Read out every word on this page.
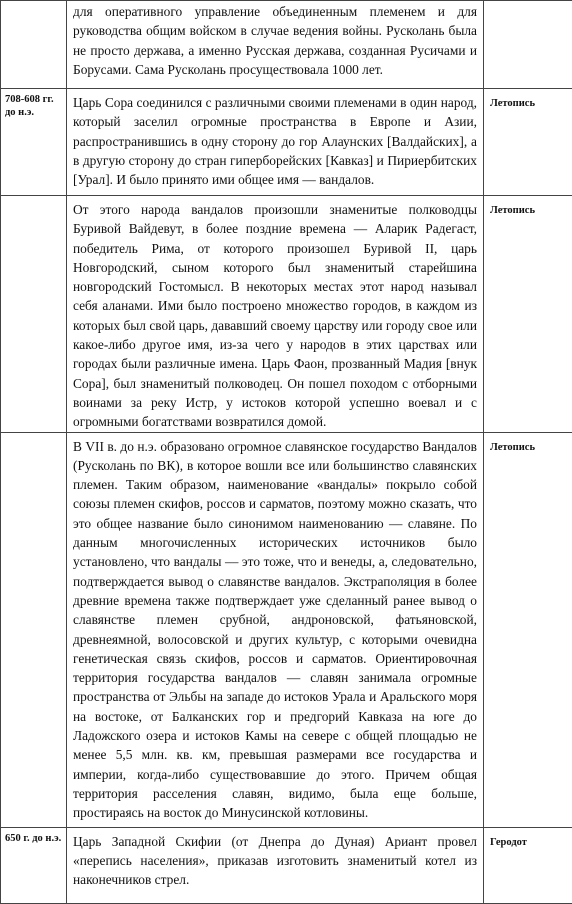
	для оперативного управление объединенным племенем и для руководства общим войском в случае ведения войны. Русколань была не просто держава, а именно Русская держава, созданная Русичами и Борусами. Сама Русколань просуществовала 1000 лет.	

708-608 гг. до н.э.	Царь Сора соединился с различными своими племенами в один народ, который заселил огромные пространства в Европе и Азии, распространившись в одну сторону до гор Алаунских [Валдайских], а в другую сторону до стран гиперборейских [Кавказ] и Пириербитских [Урал]. И было принято ими общее имя — вандалов.	Летопись

	От этого народа вандалов произошли знаменитые полководцы Буривой Вайдевут, в более поздние времена — Аларик Радегаст, победитель Рима, от которого произошел Буривой II, царь Новгородский, сыном которого был знаменитый старейшина новгородский Гостомысл. В некоторых местах этот народ называл себя аланами. Ими было построено множество городов, в каждом из которых был свой царь, дававший своему царству или городу свое или какое-либо другое имя, из-за чего у народов в этих царствах или городах были различные имена. Царь Фаон, прозванный Мадия [внук Сора], был знаменитый полководец. Он пошел походом с отборными воинами за реку Истр, у истоков которой успешно воевал и с огромными богатствами возвратился домой.	Летопись

	В VII в. до н.э. образовано огромное славянское государство Вандалов (Русколань по ВК), в которое вошли все или большинство славянских племен. Таким образом, наименование «вандалы» покрыло собой союзы племен скифов, россов и сарматов, поэтому можно сказать, что это общее название было синонимом наименованию — славяне. По данным многочисленных исторических источников было установлено, что вандалы — это тоже, что и венеды, а, следовательно, подтверждается вывод о славянстве вандалов. Экстраполяция в более древние времена также подтверждает уже сделанный ранее вывод о славянстве племен срубной, андроновской, фатьяновской, древнеямной, волосовской и других культур, с которыми очевидна генетическая связь скифов, россов и сарматов. Ориентировочная территория государства вандалов — славян занимала огромные пространства от Эльбы на западе до истоков Урала и Аральского моря на востоке, от Балканских гор и предгорий Кавказа на юге до Ладожского озера и истоков Камы на севере с общей площадью не менее 5,5 млн. кв. км, превышая размерами все государства и империи, когда-либо существовавшие до этого. Причем общая территория расселения славян, видимо, была еще больше, простираясь на восток до Минусинской котловины.	Летопись
650 г. до н.э.	Царь Западной Скифии (от Днепра до Дуная) Ариант провел «перепись населения», приказав изготовить знаменитый котел из наконечников стрел.	Геродот
